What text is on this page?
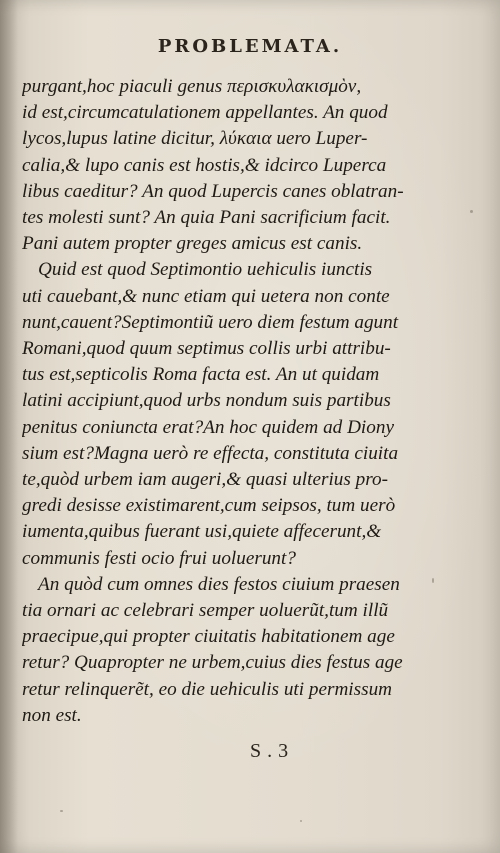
PROBLEMATA.
purgant,hoc piaculi genus περισκυλακισμὸν,
id est,circumcatulationem appellantes. An quod
lycos,lupus latine dicitur, λύκαια uero Luper-
calia,& lupo canis est hostis,& idcirco Luperca
libus caeditur? An quod Lupercis canes oblatran-
tes molesti sunt? An quia Pani sacrificium facit.
Pani autem propter greges amicus est canis.
Quid est quod Septimontio uehiculis iunctis
uti cauebant,& nunc etiam qui uetera non conte
nunt,cauent?Septimontiũ uero diem festum agunt
Romani,quod quum septimus collis urbi attribu-
tus est,septicolis Roma facta est. An ut quidam
latini accipiunt,quod urbs nondum suis partibus
penitus coniuncta erat?An hoc quidem ad Diony
sium est?Magna uerò re effecta, constituta ciuita
te,quòd urbem iam augeri,& quasi ulterius pro-
gredi desisse existimarent,cum seipsos, tum uerò
iumenta,quibus fuerant usi,quiete affecerunt,&
communis festi ocio frui uoluerunt?
An quòd cum omnes dies festos ciuium praesen
tia ornari ac celebrari semper uoluerũt,tum illũ
praecipue,qui propter ciuitatis habitationem age
retur? Quapropter ne urbem,cuius dies festus age
retur relinquerẽt, eo die uehiculis uti permissum
non est.
S.3
